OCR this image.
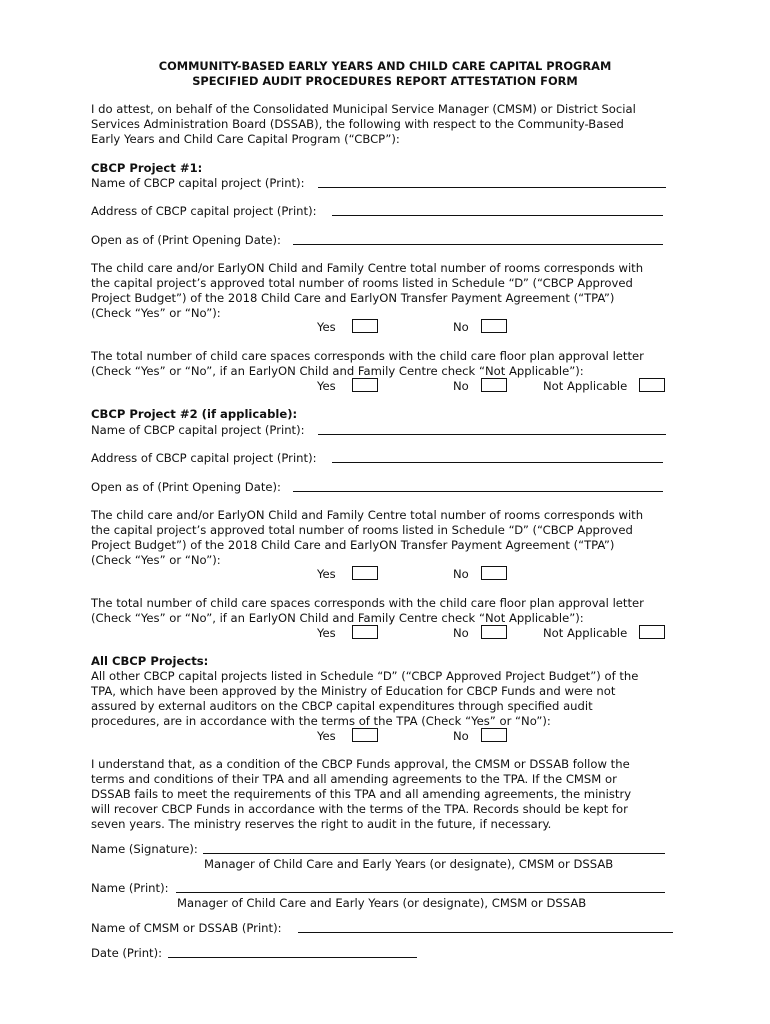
COMMUNITY-BASED EARLY YEARS AND CHILD CARE CAPITAL PROGRAM
SPECIFIED AUDIT PROCEDURES REPORT ATTESTATION FORM
I do attest, on behalf of the Consolidated Municipal Service Manager (CMSM) or District Social
Services Administration Board (DSSAB), the following with respect to the Community-Based
Early Years and Child Care Capital Program (“CBCP”):
CBCP Project #1:
Name of CBCP capital project (Print):
Address of CBCP capital project (Print):
Open as of (Print Opening Date):
The child care and/or EarlyON Child and Family Centre total number of rooms corresponds with
the capital project’s approved total number of rooms listed in Schedule “D” (“CBCP Approved
Project Budget”) of the 2018 Child Care and EarlyON Transfer Payment Agreement (“TPA”)
(Check “Yes” or “No”):
Yes	No
The total number of child care spaces corresponds with the child care floor plan approval letter
(Check “Yes” or “No”, if an EarlyON Child and Family Centre check “Not Applicable”):
Yes	No	Not Applicable
CBCP Project #2 (if applicable):
Name of CBCP capital project (Print):
Address of CBCP capital project (Print):
Open as of (Print Opening Date):
The child care and/or EarlyON Child and Family Centre total number of rooms corresponds with
the capital project’s approved total number of rooms listed in Schedule “D” (“CBCP Approved
Project Budget”) of the 2018 Child Care and EarlyON Transfer Payment Agreement (“TPA”)
(Check “Yes” or “No”):
Yes	No
The total number of child care spaces corresponds with the child care floor plan approval letter
(Check “Yes” or “No”, if an EarlyON Child and Family Centre check “Not Applicable”):
Yes	No	Not Applicable
All CBCP Projects:
All other CBCP capital projects listed in Schedule “D” (“CBCP Approved Project Budget”) of the
TPA, which have been approved by the Ministry of Education for CBCP Funds and were not
assured by external auditors on the CBCP capital expenditures through specified audit
procedures, are in accordance with the terms of the TPA (Check “Yes” or “No”):
Yes	No
I understand that, as a condition of the CBCP Funds approval, the CMSM or DSSAB follow the
terms and conditions of their TPA and all amending agreements to the TPA. If the CMSM or
DSSAB fails to meet the requirements of this TPA and all amending agreements, the ministry
will recover CBCP Funds in accordance with the terms of the TPA. Records should be kept for
seven years. The ministry reserves the right to audit in the future, if necessary.
Name (Signature):
Manager of Child Care and Early Years (or designate), CMSM or DSSAB
Name (Print):
Manager of Child Care and Early Years (or designate), CMSM or DSSAB
Name of CMSM or DSSAB (Print):
Date (Print):
